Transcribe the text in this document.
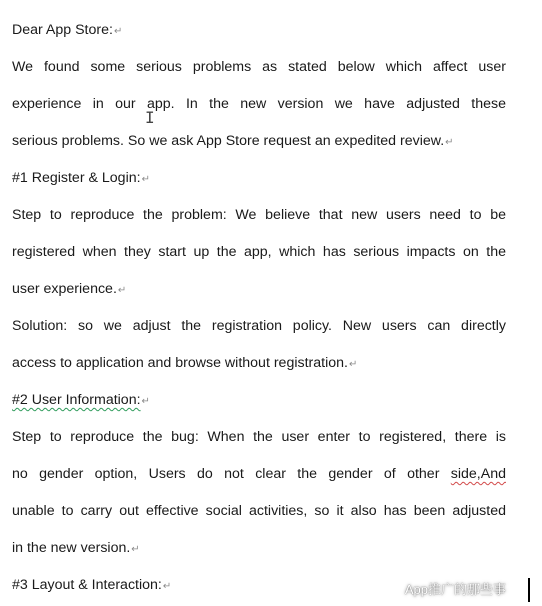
Dear App Store:↵
We found some serious problems as stated below which affect user
experience in our app. In the new version we have adjusted these
serious problems. So we ask App Store request an expedited review.↵
#1 Register & Login:↵
Step to reproduce the problem: We believe that new users need to be
registered when they start up the app, which has serious impacts on the
user experience.↵
Solution: so we adjust the registration policy. New users can directly
access to application and browse without registration.↵
#2 User Information:↵
Step to reproduce the bug: When the user enter to registered, there is
no gender option, Users do not clear the gender of other side,And
unable to carry out effective social activities, so it also has been adjusted
in the new version.↵
#3 Layout & Interaction:↵
Ι
App推广的那些事
